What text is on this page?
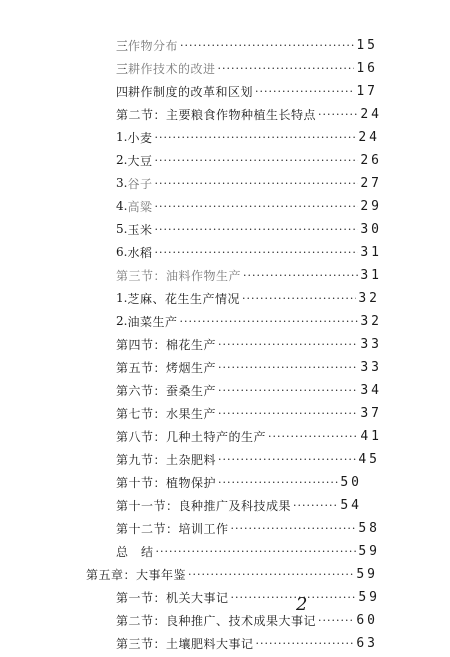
三 作物分布 ·····	15
三 耕作技术的改进 ·····	16
四 耕作制度的改革和区划 ·····	17
第二节：主要粮食作物种植生长特点 ·····	24
1. 小麦 ·····	24
2. 大豆 ·····	26
3. 谷子 ·····	27
4. 高粱 ·····	29
5. 玉米 ·····	30
6. 水稻 ·····	31
第三节：油料作物生产 ·····	31
1. 芝麻、花生生产情况 ·····	32
2. 油菜生产 ·····	32
第四节：棉花生产 ·····	33
第五节：烤烟生产 ·····	33
第六节：蚕桑生产 ·····	34
第七节：水果生产 ·····	37
第八节：几种土特产的生产 ·····	41
第九节：土杂肥料 ·····	45
第十节：植物保护 ·····	50
第十一节：良种推广及科技成果 ·····	54
第十二节：培训工作 ·····	58
总　结 ·····	59
第五章：大事年鉴 ·····	59
第一节：机关大事记 ·····	59
第二节：良种推广、技术成果大事记 ·····	60
第三节：土壤肥料大事记 ·····	63
2
